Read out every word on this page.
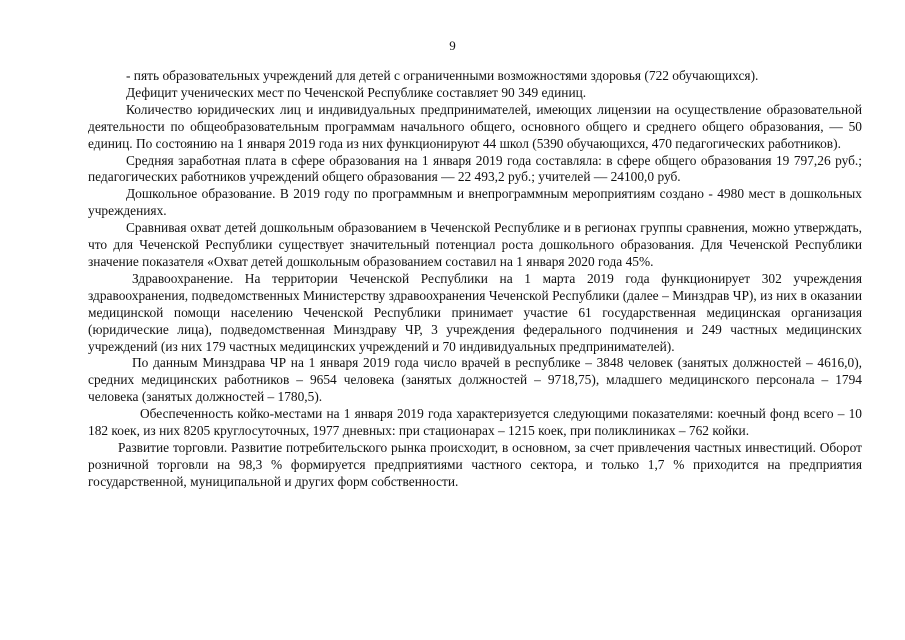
9

- пять образовательных учреждений для детей с ограниченными возможностями здоровья (722 обучающихся).

Дефицит ученических мест по Чеченской Республике составляет 90 349 единиц.

Количество юридических лиц и индивидуальных предпринимателей, имеющих лицензии на осуществление образовательной деятельности по общеобразовательным программам начального общего, основного общего и среднего общего образования, — 50 единиц. По состоянию на 1 января 2019 года из них функционируют 44 школ (5390 обучающихся, 470 педагогических работников).

Средняя заработная плата в сфере образования на 1 января 2019 года составляла: в сфере общего образования 19 797,26 руб.; педагогических работников учреждений общего образования — 22 493,2 руб.; учителей — 24100,0 руб.

Дошкольное образование. В 2019 году по программным и внепрограммным мероприятиям создано - 4980 мест в дошкольных учреждениях.

Сравнивая охват детей дошкольным образованием в Чеченской Республике и в регионах группы сравнения, можно утверждать, что для Чеченской Республики существует значительный потенциал роста дошкольного образования. Для Чеченской Республики значение показателя «Охват детей дошкольным образованием составил на 1 января 2020 года 45%.

Здравоохранение. На территории Чеченской Республики на 1 марта 2019 года функционирует 302 учреждения здравоохранения, подведомственных Министерству здравоохранения Чеченской Республики (далее – Минздрав ЧР), из них в оказании медицинской помощи населению Чеченской Республики принимает участие 61 государственная медицинская организация (юридические лица), подведомственная Минздраву ЧР, 3 учреждения федерального подчинения и 249 частных медицинских учреждений (из них 179 частных медицинских учреждений и 70 индивидуальных предпринимателей).

По данным Минздрава ЧР на 1 января 2019 года число врачей в республике – 3848 человек (занятых должностей – 4616,0), средних медицинских работников – 9654 человека (занятых должностей – 9718,75), младшего медицинского персонала – 1794 человека (занятых должностей – 1780,5).

Обеспеченность койко-местами на 1 января 2019 года характеризуется следующими показателями: коечный фонд всего – 10 182 коек, из них 8205 круглосуточных, 1977 дневных: при стационарах – 1215 коек, при поликлиниках – 762 койки.

Развитие торговли. Развитие потребительского рынка происходит, в основном, за счет привлечения частных инвестиций. Оборот розничной торговли на 98,3 % формируется предприятиями частного сектора, и только 1,7 % приходится на предприятия государственной, муниципальной и других форм собственности.
